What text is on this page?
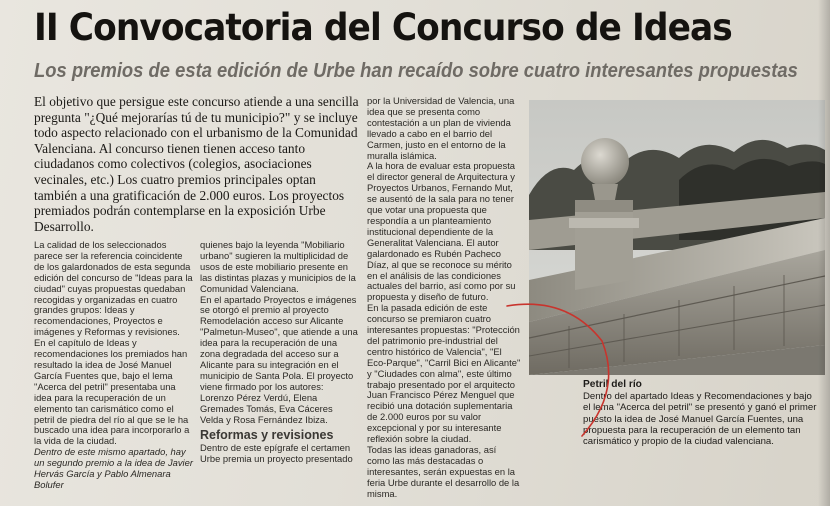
II Convocatoria del Concurso de Ideas
Los premios de esta edición de Urbe han recaído sobre cuatro interesantes propuestas

El objetivo que persigue este concurso atiende a una sencilla pregunta "¿Qué mejorarías tú de tu municipio?" y se incluye todo aspecto relacionado con el urbanismo de la Comunidad Valenciana. Al concurso tienen tienen acceso tanto ciudadanos como colectivos (colegios, asociaciones vecinales, etc.) Los cuatro premios principales optan también a una gratificación de 2.000 euros. Los proyectos premiados podrán contemplarse en la exposición Urbe Desarrollo.

La calidad de los seleccionados parece ser la referencia coincidente de los galardonados de esta segunda edición del concurso de "Ideas para la ciudad" cuyas propuestas quedaban recogidas y organizadas en cuatro grandes grupos: Ideas y recomendaciones, Proyectos e imágenes y Reformas y revisiones.

En el capítulo de Ideas y recomendaciones los premiados han resultado la idea de José Manuel García Fuentes que, bajo el lema "Acerca del petril" presentaba una idea para la recuperación de un elemento tan carismático como el petril de piedra del río al que se le ha buscado una idea para incorporarlo a la vida de la ciudad.

Dentro de este mismo apartado, hay un segundo premio a la idea de Javier Hervás García y Pablo Almenara Bolufer

quienes bajo la leyenda "Mobiliario urbano" sugieren la multiplicidad de usos de este mobiliario presente en las distintas plazas y municipios de la Comunidad Valenciana.

En el apartado Proyectos e imágenes se otorgó el premio al proyecto Remodelación acceso sur Alicante "Palmetun-Museo", que atiende a una idea para la recuperación de una zona degradada del acceso sur a Alicante para su integración en el municipio de Santa Pola. El proyecto viene firmado por los autores: Lorenzo Pérez Verdú, Elena Gremades Tomás, Eva Cáceres Velda y Rosa Fernández Ibiza.

Reformas y revisiones

Dentro de este epígrafe el certamen Urbe premia un proyecto presentado

por la Universidad de Valencia, una idea que se presenta como contestación a un plan de vivienda llevado a cabo en el barrio del Carmen, justo en el entorno de la muralla islámica.

A la hora de evaluar esta propuesta el director general de Arquitectura y Proyectos Urbanos, Fernando Mut, se ausentó de la sala para no tener que votar una propuesta que respondía a un planteamiento institucional dependiente de la Generalitat Valenciana. El autor galardonado es Rubén Pacheco Díaz, al que se reconoce su mérito en el análisis de las condiciones actuales del barrio, así como por su propuesta y diseño de futuro.

En la pasada edición de este concurso se premiaron cuatro interesantes propuestas: "Protección del patrimonio pre-industrial del centro histórico de Valencia", "El Eco-Parque", "Carril Bici en Alicante" y "Ciudades con alma", este último trabajo presentado por el arquitecto Juan Francisco Pérez Menguel que recibió una dotación suplementaria de 2.000 euros por su valor excepcional y por su interesante reflexión sobre la ciudad.

Todas las ideas ganadoras, así como las más destacadas o interesantes, serán expuestas en la feria Urbe durante el desarrollo de la misma.

Petril del río

Dentro del apartado Ideas y Recomendaciones y bajo el lema "Acerca del petril" se presentó y ganó el primer puesto la idea de José Manuel García Fuentes, una propuesta para la recuperación de un elemento tan carismático y propio de la ciudad valenciana.
